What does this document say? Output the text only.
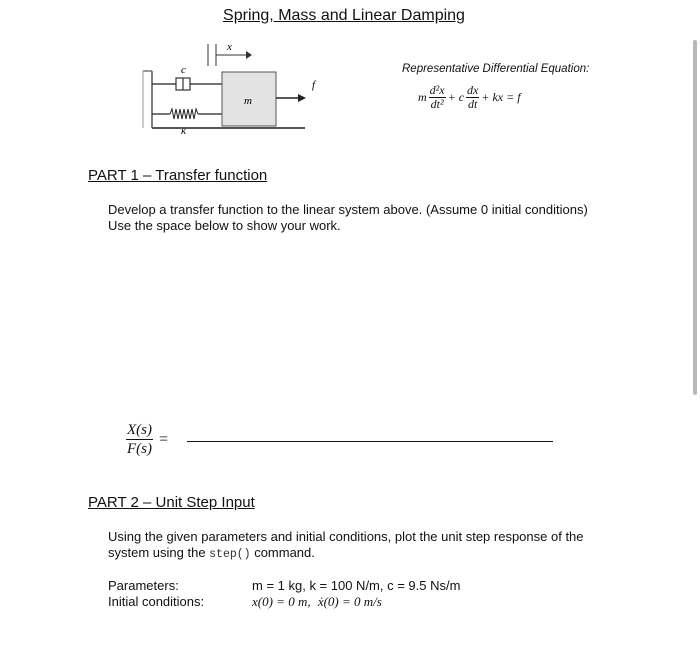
Spring, Mass and Linear Damping
c
k
m
x
f
Representative Differential Equation:
m $\frac{\text{d²x}}{\text{dt²}} + c \frac{dx}{dt}$ + kx = f
PART 1 – Transfer function
Develop a transfer function to the linear system above. (Assume 0 initial conditions)
Use the space below to show your work.
$\frac{X(s)}{F(s)}$ =
PART 2 – Unit Step Input
Using the given parameters and initial conditions, plot the unit step response of the
system using the step() command.
Parameters:
Initial conditions:
m = 1 kg, k = 100 N/m, c = 9.5 Ns/m
x(0) = 0 m, ẋ(0) = 0 m/s
